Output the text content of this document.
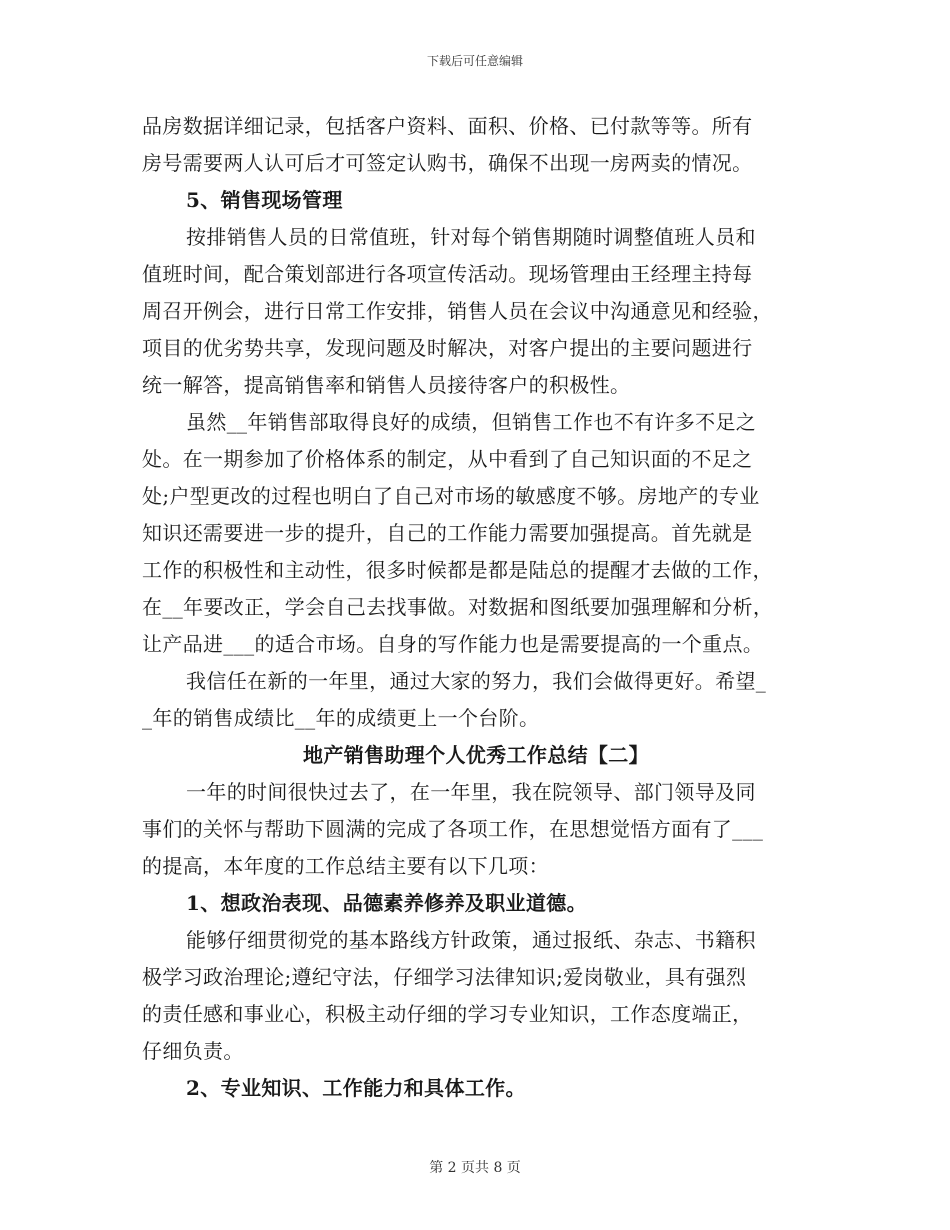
下载后可任意编辑
品房数据详细记录，包括客户资料、面积、价格、已付款等等。所有
房号需要两人认可后才可签定认购书，确保不出现一房两卖的情况。
5、销售现场管理
按排销售人员的日常值班，针对每个销售期随时调整值班人员和
值班时间，配合策划部进行各项宣传活动。现场管理由王经理主持每
周召开例会，进行日常工作安排，销售人员在会议中沟通意见和经验，
项目的优劣势共享，发现问题及时解决，对客户提出的主要问题进行
统一解答，提高销售率和销售人员接待客户的积极性。
虽然__年销售部取得良好的成绩，但销售工作也不有许多不足之
处。在一期参加了价格体系的制定，从中看到了自己知识面的不足之
处;户型更改的过程也明白了自己对市场的敏感度不够。房地产的专业
知识还需要进一步的提升，自己的工作能力需要加强提高。首先就是
工作的积极性和主动性，很多时候都是都是陆总的提醒才去做的工作，
在__年要改正，学会自己去找事做。对数据和图纸要加强理解和分析，
让产品进___的适合市场。自身的写作能力也是需要提高的一个重点。
我信任在新的一年里，通过大家的努力，我们会做得更好。希望_
_年的销售成绩比__年的成绩更上一个台阶。
地产销售助理个人优秀工作总结【二】
一年的时间很快过去了，在一年里，我在院领导、部门领导及同
事们的关怀与帮助下圆满的完成了各项工作，在思想觉悟方面有了___
的提高，本年度的工作总结主要有以下几项：
1、想政治表现、品德素养修养及职业道德。
能够仔细贯彻党的基本路线方针政策，通过报纸、杂志、书籍积
极学习政治理论;遵纪守法，仔细学习法律知识;爱岗敬业，具有强烈
的责任感和事业心，积极主动仔细的学习专业知识，工作态度端正，
仔细负责。
2、专业知识、工作能力和具体工作。
第 2 页共 8 页
